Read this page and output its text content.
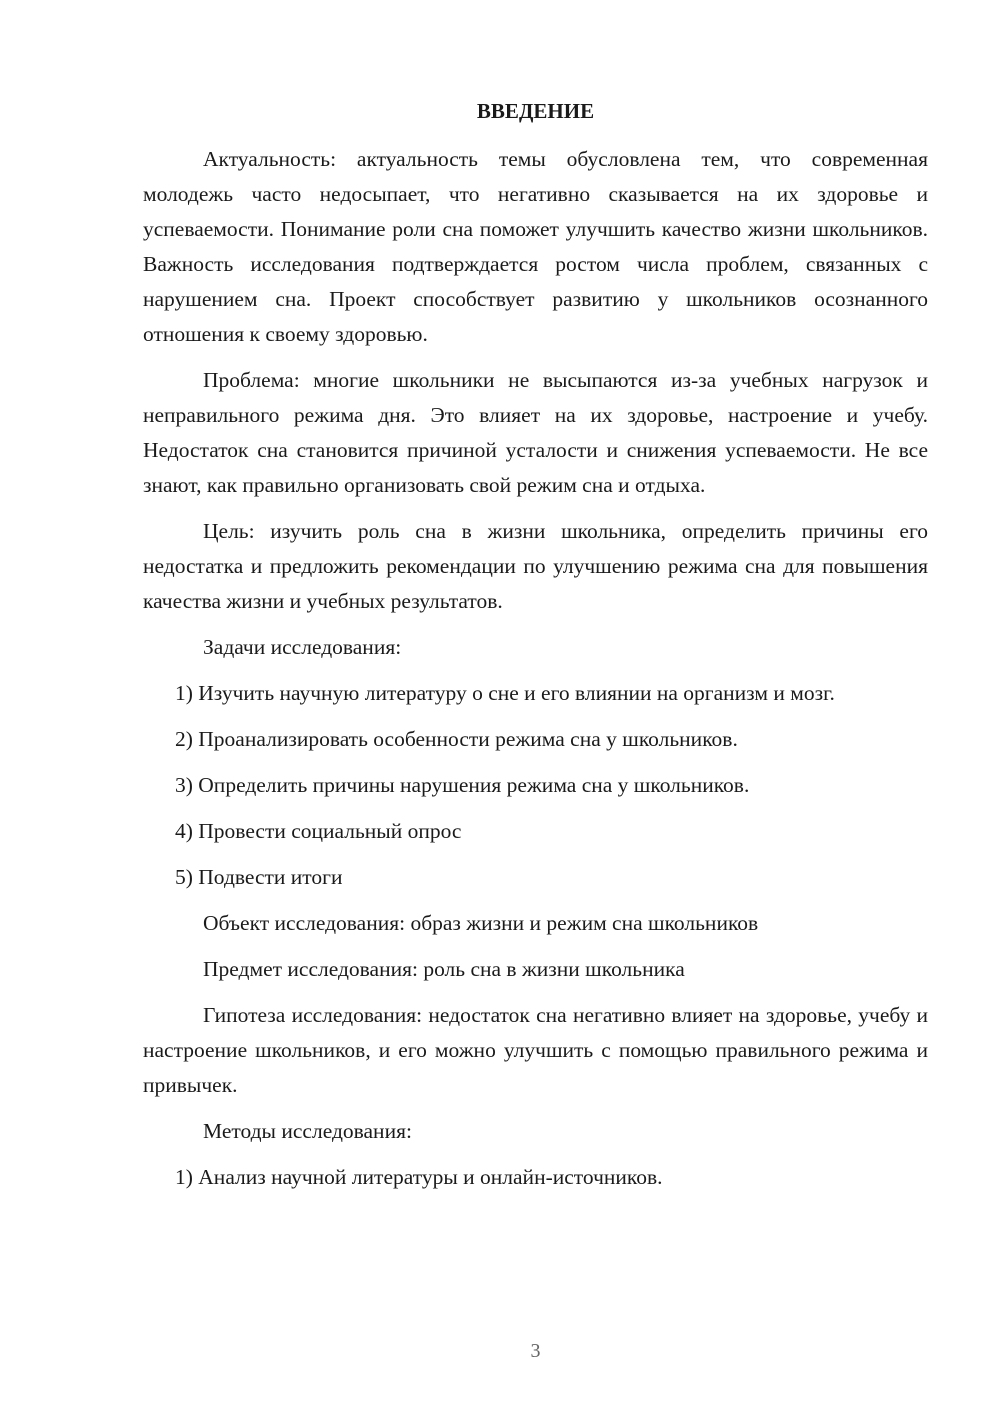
ВВЕДЕНИЕ

Актуальность: актуальность темы обусловлена тем, что современная молодежь часто недосыпает, что негативно сказывается на их здоровье и успеваемости. Понимание роли сна поможет улучшить качество жизни школьников. Важность исследования подтверждается ростом числа проблем, связанных с нарушением сна. Проект способствует развитию у школьников осознанного отношения к своему здоровью.

Проблема: многие школьники не высыпаются из-за учебных нагрузок и неправильного режима дня. Это влияет на их здоровье, настроение и учебу. Недостаток сна становится причиной усталости и снижения успеваемости. Не все знают, как правильно организовать свой режим сна и отдыха.

Цель: изучить роль сна в жизни школьника, определить причины его недостатка и предложить рекомендации по улучшению режима сна для повышения качества жизни и учебных результатов.

Задачи исследования:

1) Изучить научную литературу о сне и его влиянии на организм и мозг.

2) Проанализировать особенности режима сна у школьников.

3) Определить причины нарушения режима сна у школьников.

4) Провести социальный опрос

5) Подвести итоги

Объект исследования: образ жизни и режим сна школьников

Предмет исследования: роль сна в жизни школьника

Гипотеза исследования: недостаток сна негативно влияет на здоровье, учебу и настроение школьников, и его можно улучшить с помощью правильного режима и привычек.

Методы исследования:

1) Анализ научной литературы и онлайн-источников.

3
